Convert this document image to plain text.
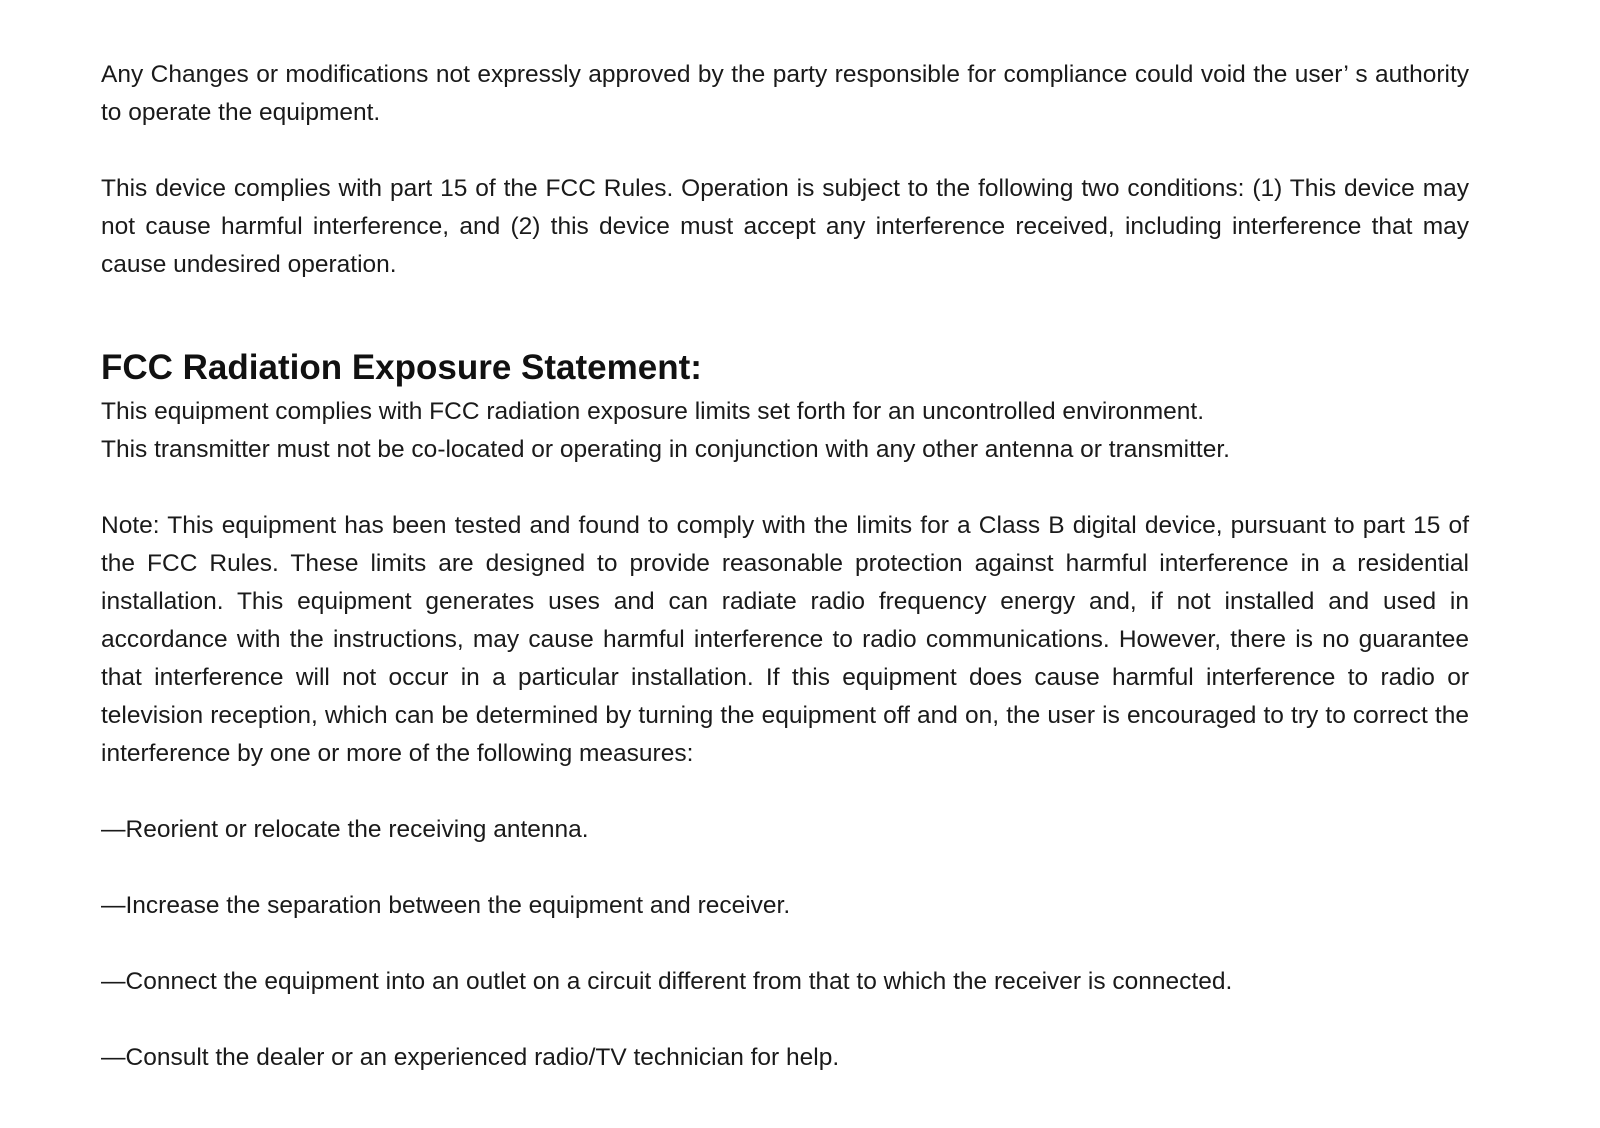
Any Changes or modifications not expressly approved by the party responsible for compliance could void the user’ s authority to operate the equipment.

This device complies with part 15 of the FCC Rules. Operation is subject to the following two conditions: (1) This device may not cause harmful interference, and (2) this device must accept any interference received, including interference that may cause undesired operation.

FCC Radiation Exposure Statement:

This equipment complies with FCC radiation exposure limits set forth for an uncontrolled environment.
This transmitter must not be co-located or operating in conjunction with any other antenna or transmitter.

Note: This equipment has been tested and found to comply with the limits for a Class B digital device, pursuant to part 15 of the FCC Rules. These limits are designed to provide reasonable protection against harmful interference in a residential installation. This equipment generates uses and can radiate radio frequency energy and, if not installed and used in accordance with the instructions, may cause harmful interference to radio communications. However, there is no guarantee that interference will not occur in a particular installation. If this equipment does cause harmful interference to radio or television reception, which can be determined by turning the equipment off and on, the user is encouraged to try to correct the interference by one or more of the following measures:

—Reorient or relocate the receiving antenna.

—Increase the separation between the equipment and receiver.

—Connect the equipment into an outlet on a circuit different from that to which the receiver is connected.

—Consult the dealer or an experienced radio/TV technician for help.
